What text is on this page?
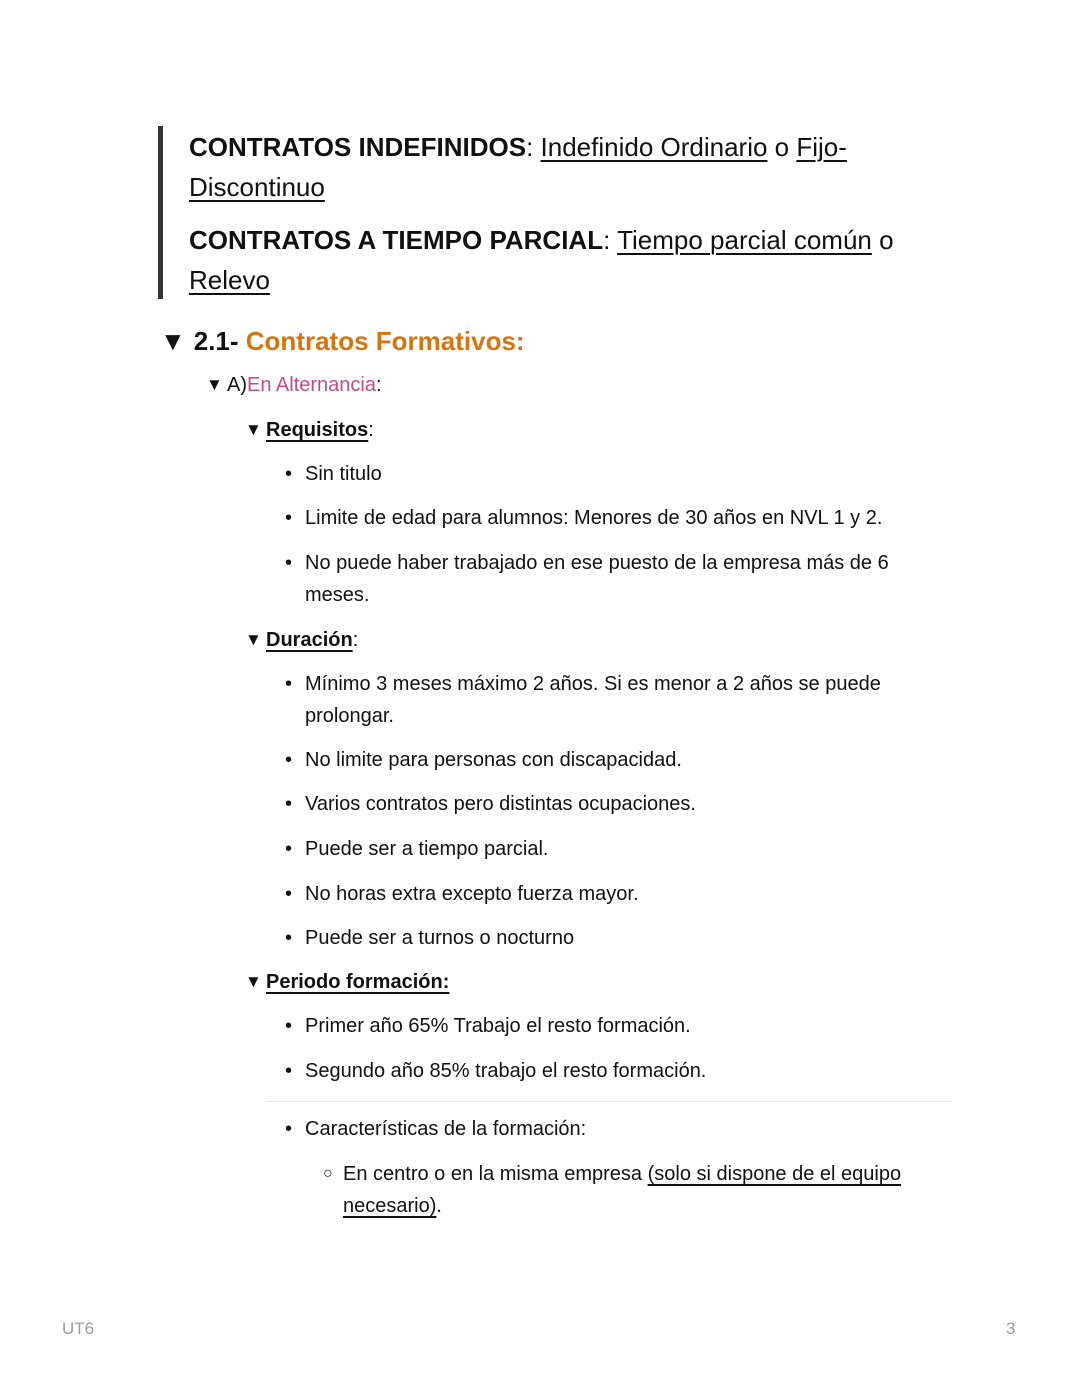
CONTRATOS INDEFINIDOS: Indefinido Ordinario o Fijo-Discontinuo
CONTRATOS A TIEMPO PARCIAL: Tiempo parcial común o Relevo
▼ 2.1- Contratos Formativos:
▼ A) En Alternancia :
▼ Requisitos :
• Sin titulo
• Limite de edad para alumnos: Menores de 30 años en NVL 1 y 2.
• No puede haber trabajado en ese puesto de la empresa más de 6 meses.
▼ Duración :
• Mínimo 3 meses máximo 2 años. Si es menor a 2 años se puede prolongar.
• No limite para personas con discapacidad.
• Varios contratos pero distintas ocupaciones.
• Puede ser a tiempo parcial.
• No horas extra excepto fuerza mayor.
• Puede ser a turnos o nocturno
▼ Periodo formación:
• Primer año 65% Trabajo el resto formación.
• Segundo año 85% trabajo el resto formación.
• Características de la formación:
○ En centro o en la misma empresa (solo si dispone de el equipo necesario).
UT6	3
